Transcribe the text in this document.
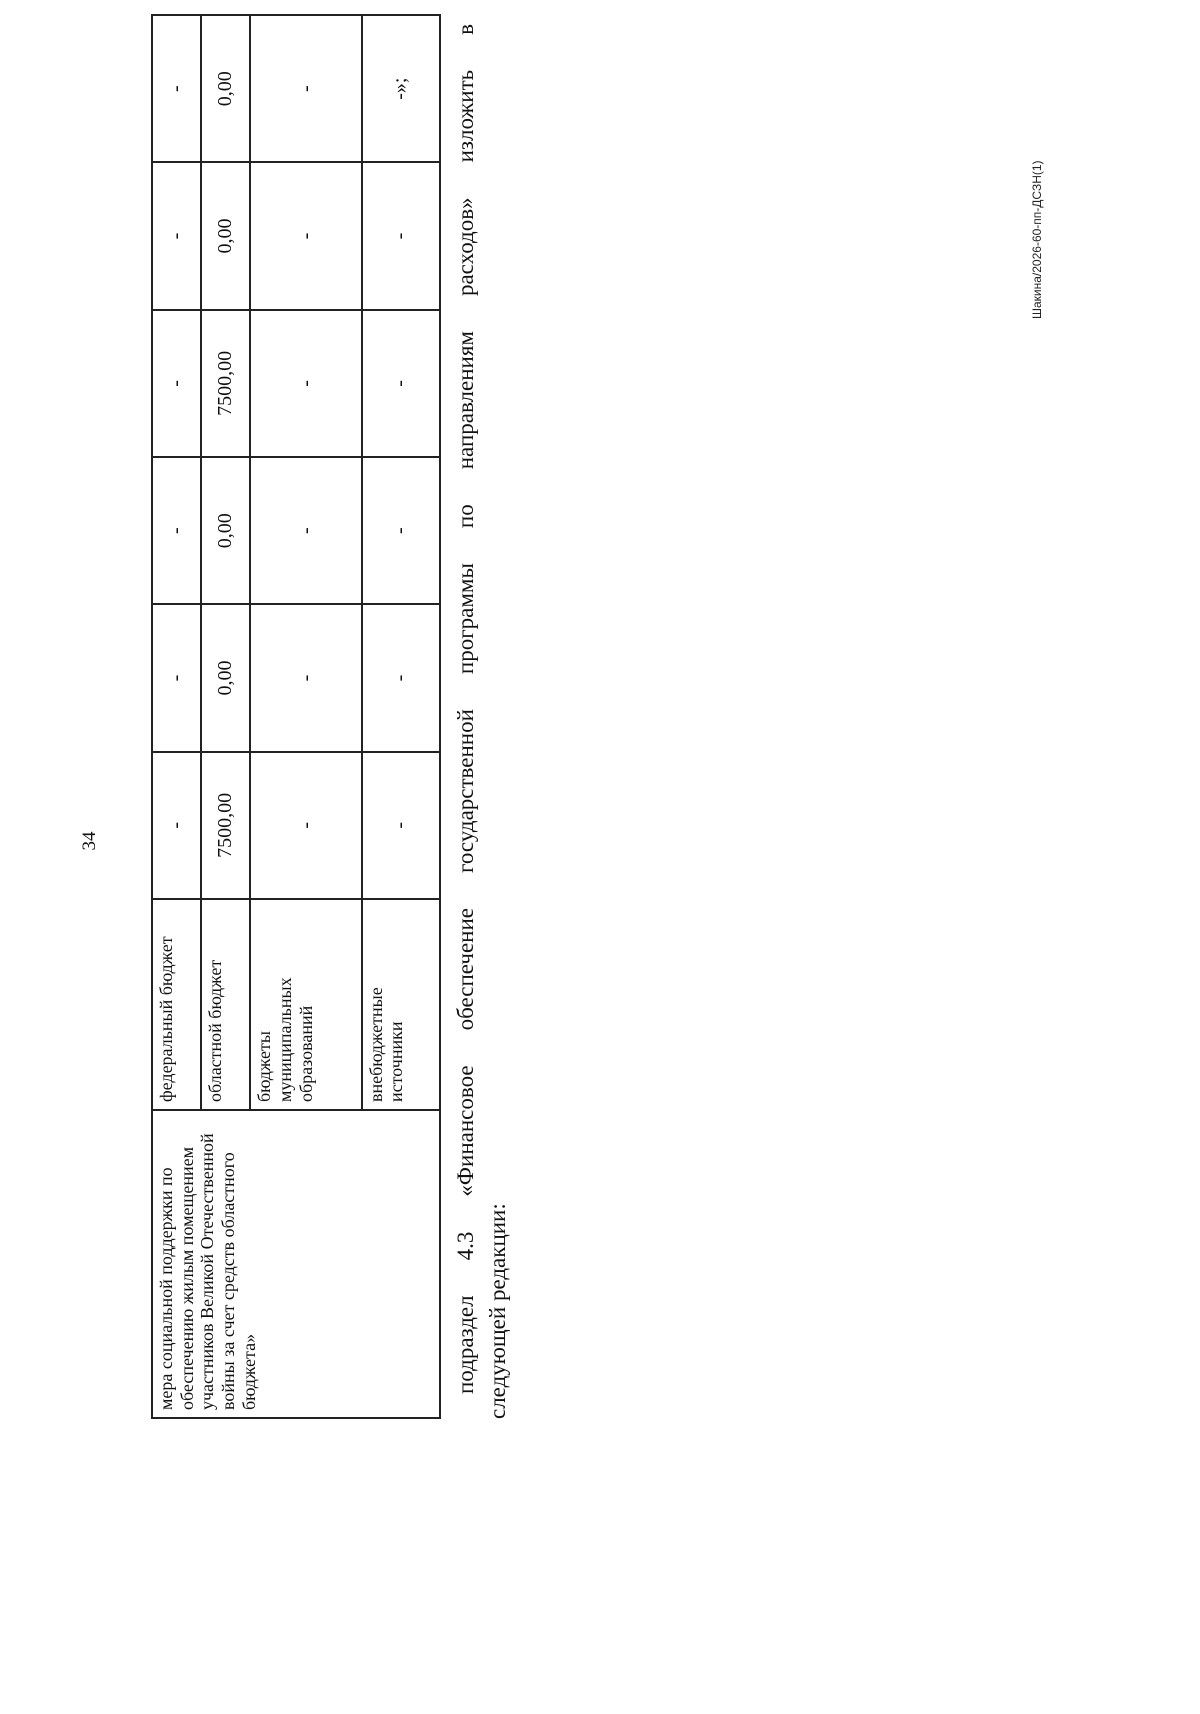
34
мера социальной поддержки по обеспечению жилым помещением участников Великой Отечественной войны за счет средств областного бюджета»	федеральный бюджет	-	-	-	-	-	-
	областной бюджет	7500,00	0,00	0,00	7500,00	0,00	0,00
	бюджеты муниципальных образований	-	-	-	-	-	-
	внебюджетные источники	-	-	-	-	-	-»; подраздел 4.3 «Финансовое обеспечение государственной программы по направлениям расходов» изложить в следующей редакции:
Шакина/2026-60-пп-ДСЗН(1)
